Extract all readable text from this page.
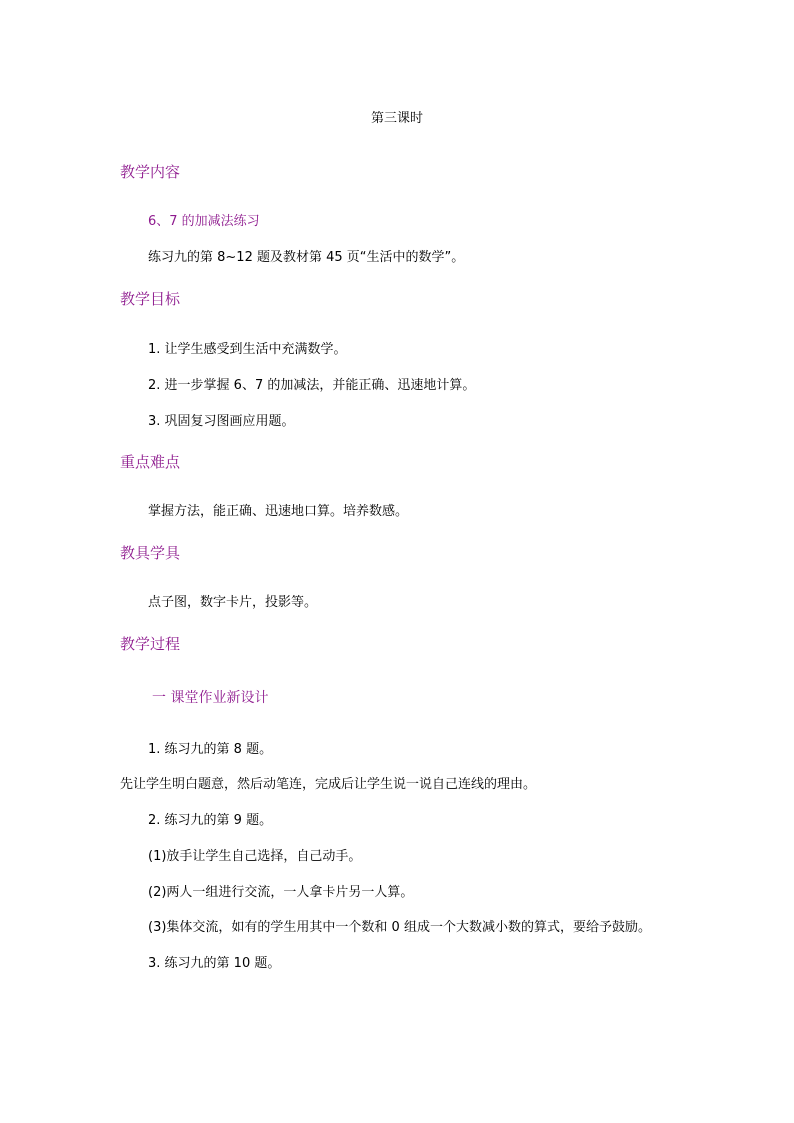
第三课时
教学内容
6、7 的加减法练习
练习九的第 8~12 题及教材第 45 页“生活中的数学”。
教学目标
1. 让学生感受到生活中充满数学。
2. 进一步掌握 6、7 的加减法，并能正确、迅速地计算。
3. 巩固复习图画应用题。
重点难点
掌握方法，能正确、迅速地口算。培养数感。
教具学具
点子图，数字卡片，投影等。
教学过程
一 课堂作业新设计
1. 练习九的第 8 题。
先让学生明白题意，然后动笔连，完成后让学生说一说自己连线的理由。
2. 练习九的第 9 题。
(1)放手让学生自己选择，自己动手。
(2)两人一组进行交流，一人拿卡片另一人算。
(3)集体交流，如有的学生用其中一个数和 0 组成一个大数减小数的算式，要给予鼓励。
3. 练习九的第 10 题。
